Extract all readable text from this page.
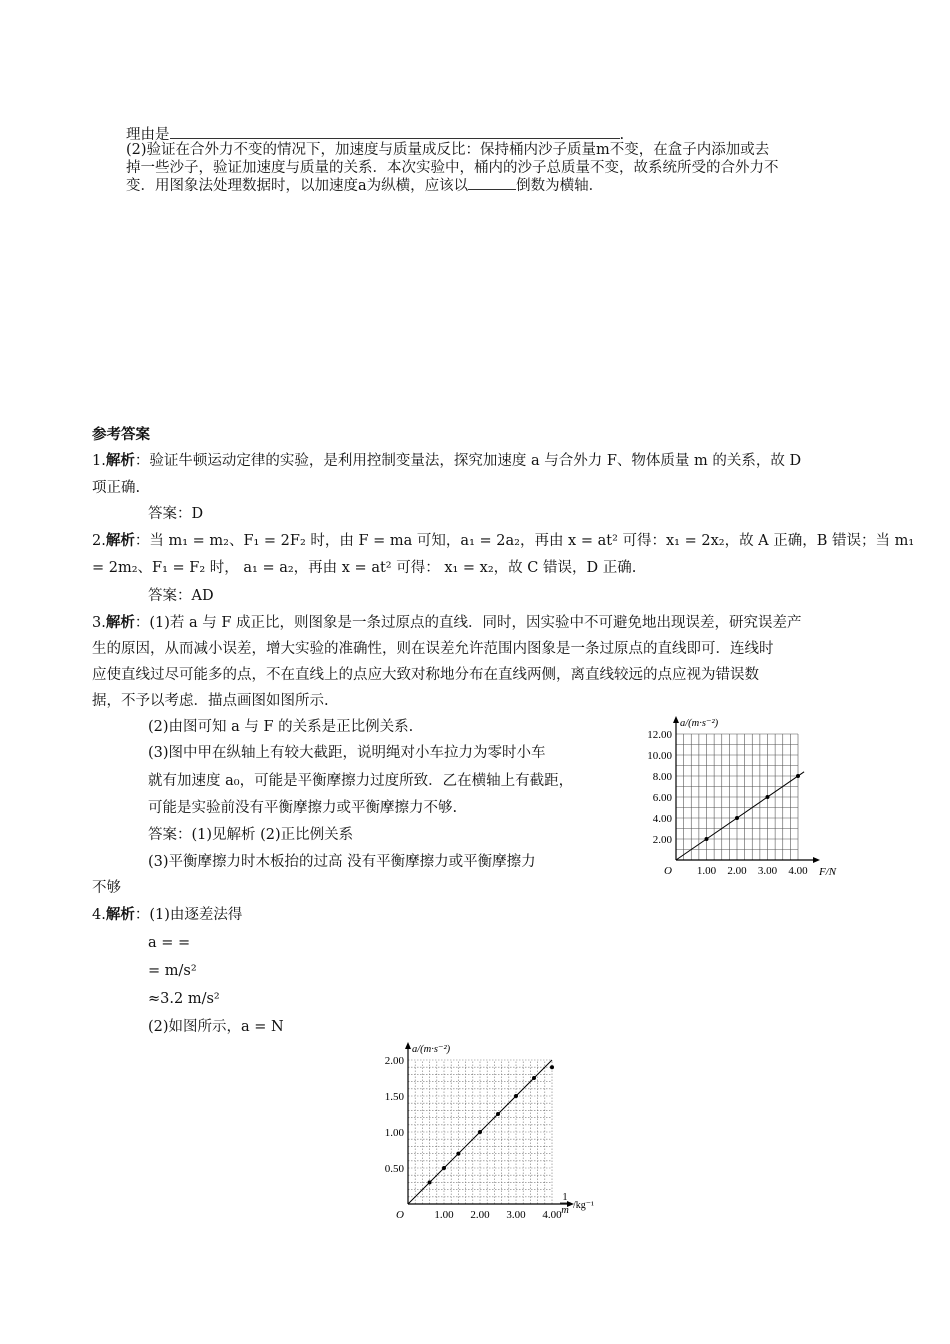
理由是	.
(2)验证在合外力不变的情况下，加速度与质量成反比：保持桶内沙子质量m不变，在盒子内添加或去
掉一些沙子，验证加速度与质量的关系．本次实验中，桶内的沙子总质量不变，故系统所受的合外力不
变．用图象法处理数据时，以加速度a为纵横，应该以	倒数为横轴．
参考答案
1.解析：验证牛顿运动定律的实验，是利用控制变量法，探究加速度 a 与合外力 F、物体质量 m 的关系，故 D
项正确.
答案：D
2.解析：当 m₁ = m₂、F₁ = 2F₂ 时，由 F = ma 可知，a₁ = 2a₂，再由 x = at² 可得：x₁ = 2x₂，故 A 正确，B 错误；当 m₁
= 2m₂、F₁ = F₂ 时， a₁ = a₂，再由 x = at² 可得： x₁ = x₂，故 C 错误，D 正确.
答案：AD
3.解析：(1)若 a 与 F 成正比，则图象是一条过原点的直线．同时，因实验中不可避免地出现误差，研究误差产
生的原因，从而减小误差，增大实验的准确性，则在误差允许范围内图象是一条过原点的直线即可．连线时
应使直线过尽可能多的点，不在直线上的点应大致对称地分布在直线两侧，离直线较远的点应视为错误数
据，不予以考虑．描点画图如图所示.
(2)由图可知 a 与 F 的关系是正比例关系.
(3)图中甲在纵轴上有较大截距，说明绳对小车拉力为零时小车
就有加速度 a₀，可能是平衡摩擦力过度所致．乙在横轴上有截距，
可能是实验前没有平衡摩擦力或平衡摩擦力不够.
答案：(1)见解析 (2)正比例关系
(3)平衡摩擦力时木板抬的过高 没有平衡摩擦力或平衡摩擦力
不够
4.解析：(1)由逐差法得
a = =
= m/s²
≈3.2 m/s²
(2)如图所示，a = N
1.00 2.00 3.00 4.00
2.00
4.00
6.00
8.00
10.00
12.00
O
a/(m·s⁻²)
F/N
1.00 2.00 3.00 4.00
0.50
1.00
1.50
2.00
O
a/(m·s⁻²)
1
m /kg⁻¹
